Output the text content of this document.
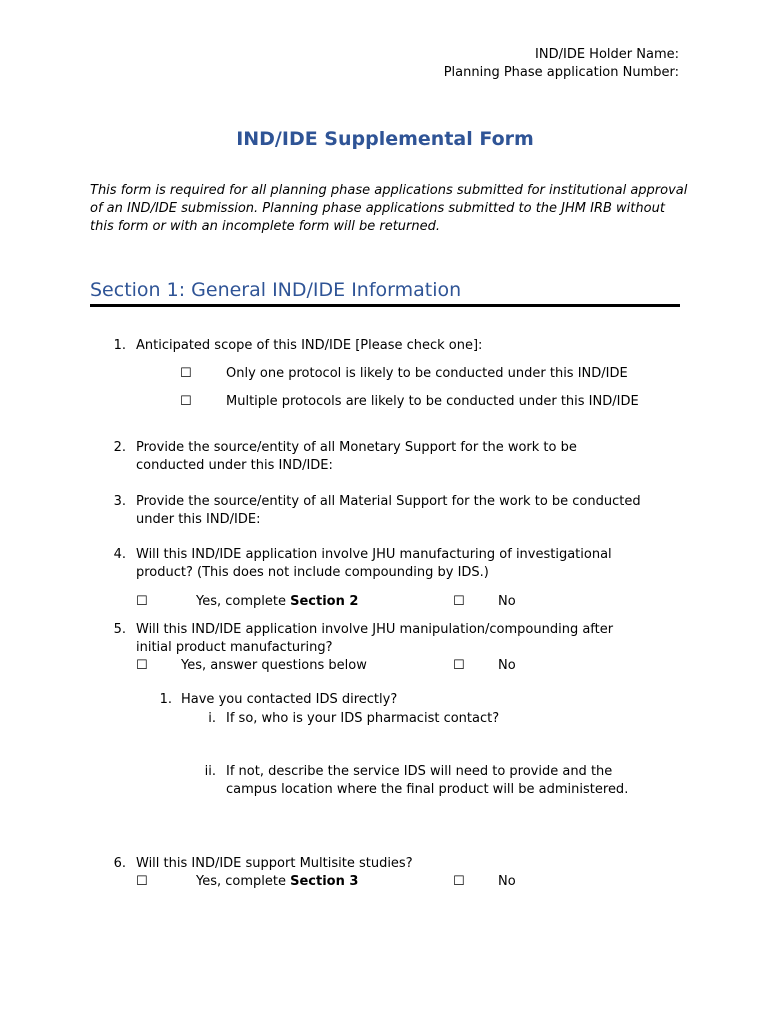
IND/IDE Holder Name:
Planning Phase application Number:
IND/IDE Supplemental Form
This form is required for all planning phase applications submitted for institutional approval of an IND/IDE submission. Planning phase applications submitted to the JHM IRB without this form or with an incomplete form will be returned.
Section 1: General IND/IDE Information
1. Anticipated scope of this IND/IDE [Please check one]:
☐	Only one protocol is likely to be conducted under this IND/IDE
☐	Multiple protocols are likely to be conducted under this IND/IDE
2. Provide the source/entity of all Monetary Support for the work to be
conducted under this IND/IDE:
3. Provide the source/entity of all Material Support for the work to be conducted
under this IND/IDE:
4. Will this IND/IDE application involve JHU manufacturing of investigational
product? (This does not include compounding by IDS.)
☐	Yes, complete Section 2	☐	No
5. Will this IND/IDE application involve JHU manipulation/compounding after
initial product manufacturing?
☐	Yes, answer questions below	☐	No
1. Have you contacted IDS directly?
i. If so, who is your IDS pharmacist contact?
ii. If not, describe the service IDS will need to provide and the
campus location where the final product will be administered.
6. Will this IND/IDE support Multisite studies?
☐	Yes, complete Section 3	☐	No
